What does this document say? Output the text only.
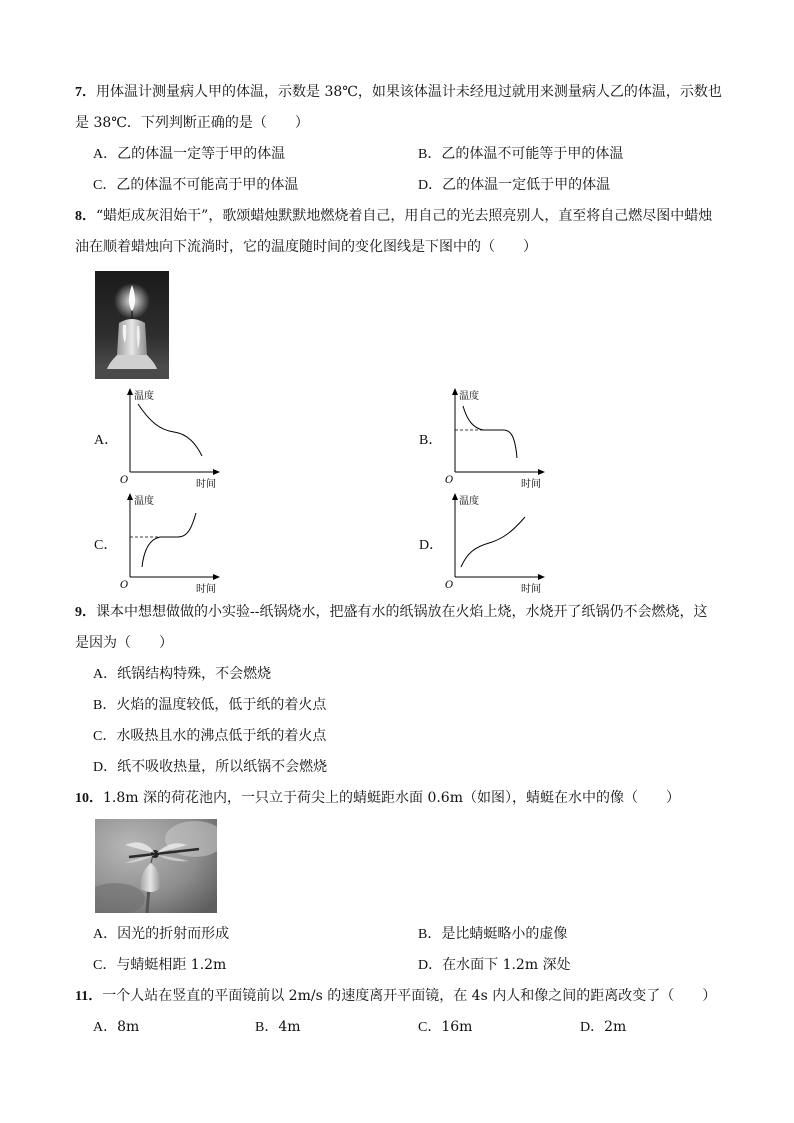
7．用体温计测量病人甲的体温，示数是 38℃，如果该体温计未经甩过就用来测量病人乙的体温，示数也
是 38℃．下列判断正确的是（　　）
A．乙的体温一定等于甲的体温	B．乙的体温不可能等于甲的体温
C．乙的体温不可能高于甲的体温	D．乙的体温一定低于甲的体温
8．“蜡炬成灰泪始干”，歌颂蜡烛默默地燃烧着自己，用自己的光去照亮别人，直至将自己燃尽图中蜡烛
油在顺着蜡烛向下流淌时，它的温度随时间的变化图线是下图中的（　　）
A．
温度
时间
O
B．
温度
时间
O
C．
温度
时间
O
D．
温度
时间
O
9．课本中想想做做的小实验--纸锅烧水，把盛有水的纸锅放在火焰上烧，水烧开了纸锅仍不会燃烧，这
是因为（　　）
A．纸锅结构特殊，不会燃烧
B．火焰的温度较低，低于纸的着火点
C．水吸热且水的沸点低于纸的着火点
D．纸不吸收热量，所以纸锅不会燃烧
10．1.8m 深的荷花池内，一只立于荷尖上的蜻蜓距水面 0.6m（如图），蜻蜓在水中的像（　　）
A．因光的折射而形成	B．是比蜻蜓略小的虚像
C．与蜻蜓相距 1.2m	D．在水面下 1.2m 深处
11．一个人站在竖直的平面镜前以 2m/s 的速度离开平面镜，在 4s 内人和像之间的距离改变了（　　）
A．8m	B．4m	C．16m	D．2m
